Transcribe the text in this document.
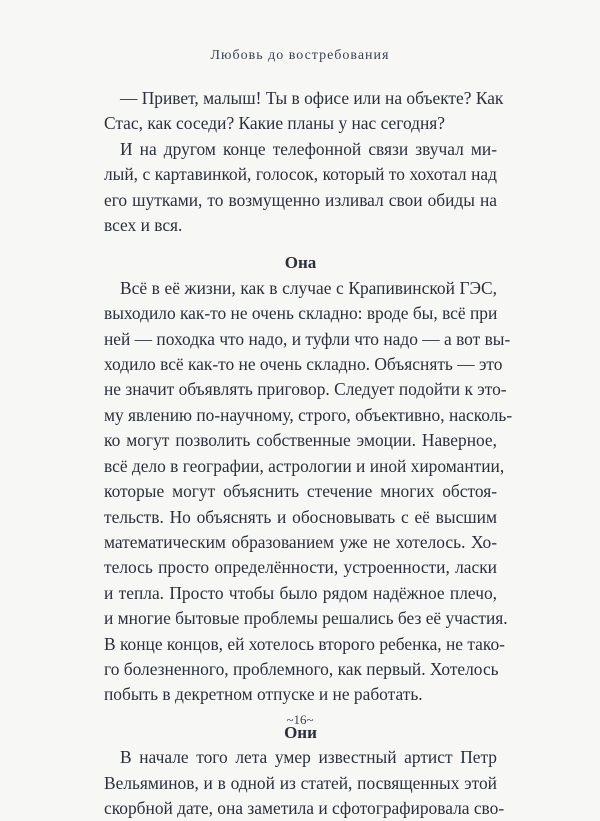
Любовь до востребования
— Привет, малыш! Ты в офисе или на объекте? Как
Стас, как соседи? Какие планы у нас сегодня?
И на другом конце телефонной связи звучал ми-
лый, с картавинкой, голосок, который то хохотал над
его шутками, то возмущенно изливал свои обиды на
всех и вся.
Она
Всё в её жизни, как в случае с Крапивинской ГЭС,
выходило как-то не очень складно: вроде бы, всё при
ней — походка что надо, и туфли что надо — а вот вы-
ходило всё как-то не очень складно. Объяснять — это
не значит объявлять приговор. Следует подойти к это-
му явлению по-научному, строго, объективно, насколь-
ко могут позволить собственные эмоции. Наверное,
всё дело в географии, астрологии и иной хиромантии,
которые могут объяснить стечение многих обстоя-
тельств. Но объяснять и обосновывать с её высшим
математическим образованием уже не хотелось. Хо-
телось просто определённости, устроенности, ласки
и тепла. Просто чтобы было рядом надёжное плечо,
и многие бытовые проблемы решались без её участия.
В конце концов, ей хотелось второго ребенка, не тако-
го болезненного, проблемного, как первый. Хотелось
побыть в декретном отпуске и не работать.
Они
В начале того лета умер известный артист Петр
Вельяминов, и в одной из статей, посвященных этой
скорбной дате, она заметила и сфотографировала сво-
~16~
